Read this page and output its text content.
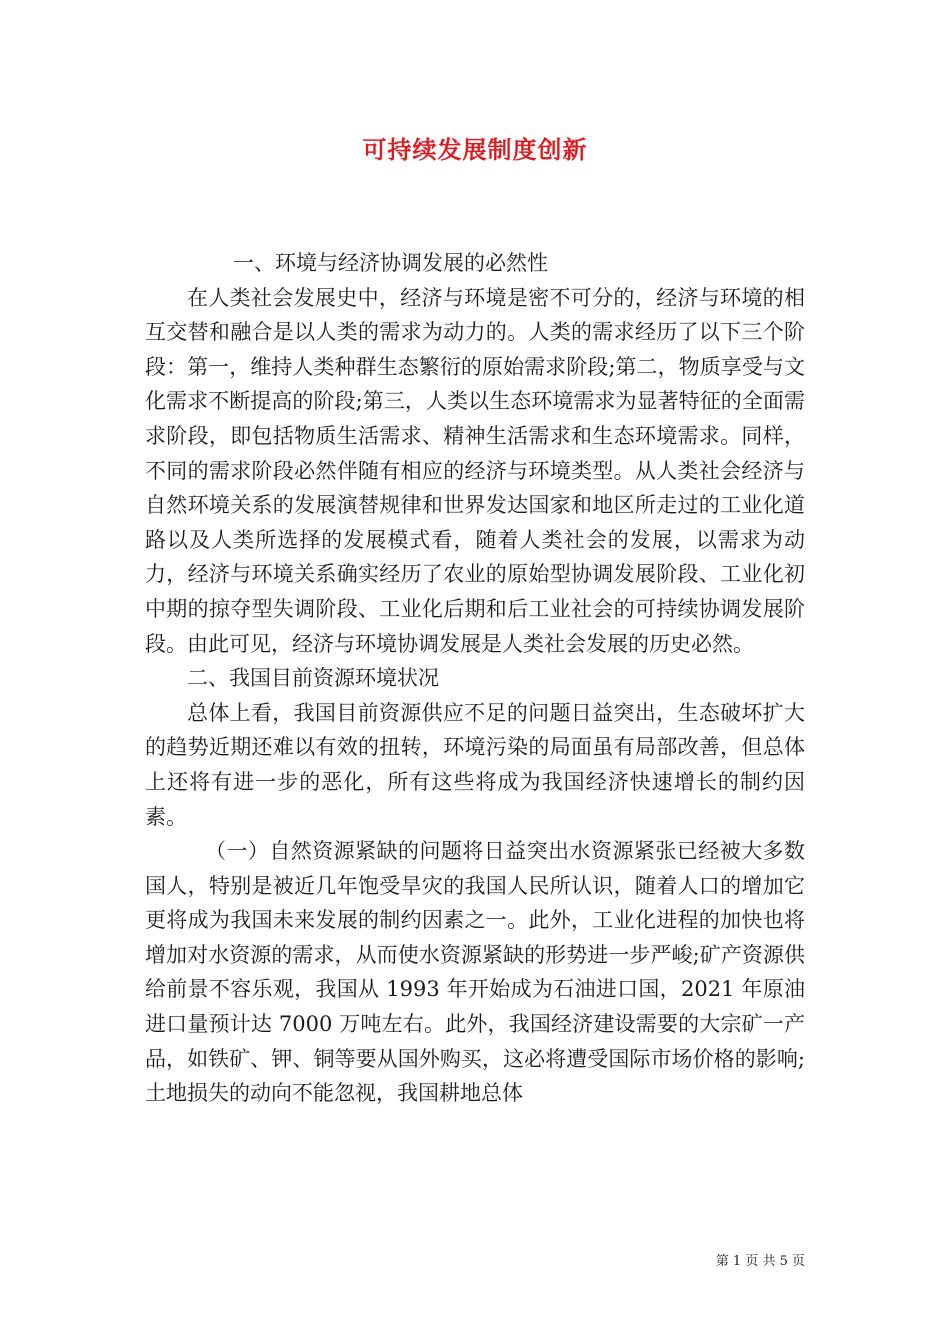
可持续发展制度创新

一、环境与经济协调发展的必然性

在人类社会发展史中，经济与环境是密不可分的，经济与环境的相互交替和融合是以人类的需求为动力的。人类的需求经历了以下三个阶段：第一，维持人类种群生态繁衍的原始需求阶段;第二，物质享受与文化需求不断提高的阶段;第三，人类以生态环境需求为显著特征的全面需求阶段，即包括物质生活需求、精神生活需求和生态环境需求。同样，不同的需求阶段必然伴随有相应的经济与环境类型。从人类社会经济与自然环境关系的发展演替规律和世界发达国家和地区所走过的工业化道路以及人类所选择的发展模式看，随着人类社会的发展，以需求为动力，经济与环境关系确实经历了农业的原始型协调发展阶段、工业化初中期的掠夺型失调阶段、工业化后期和后工业社会的可持续协调发展阶段。由此可见，经济与环境协调发展是人类社会发展的历史必然。

二、我国目前资源环境状况

总体上看，我国目前资源供应不足的问题日益突出，生态破坏扩大的趋势近期还难以有效的扭转，环境污染的局面虽有局部改善，但总体上还将有进一步的恶化，所有这些将成为我国经济快速增长的制约因素。

（一）自然资源紧缺的问题将日益突出水资源紧张已经被大多数国人，特别是被近几年饱受旱灾的我国人民所认识，随着人口的增加它更将成为我国未来发展的制约因素之一。此外，工业化进程的加快也将增加对水资源的需求，从而使水资源紧缺的形势进一步严峻;矿产资源供给前景不容乐观，我国从 1993 年开始成为石油进口国，2021 年原油进口量预计达 7000 万吨左右。此外，我国经济建设需要的大宗矿一产品，如铁矿、钾、铜等要从国外购买，这必将遭受国际市场价格的影响;土地损失的动向不能忽视，我国耕地总体

第 1 页 共 5 页
